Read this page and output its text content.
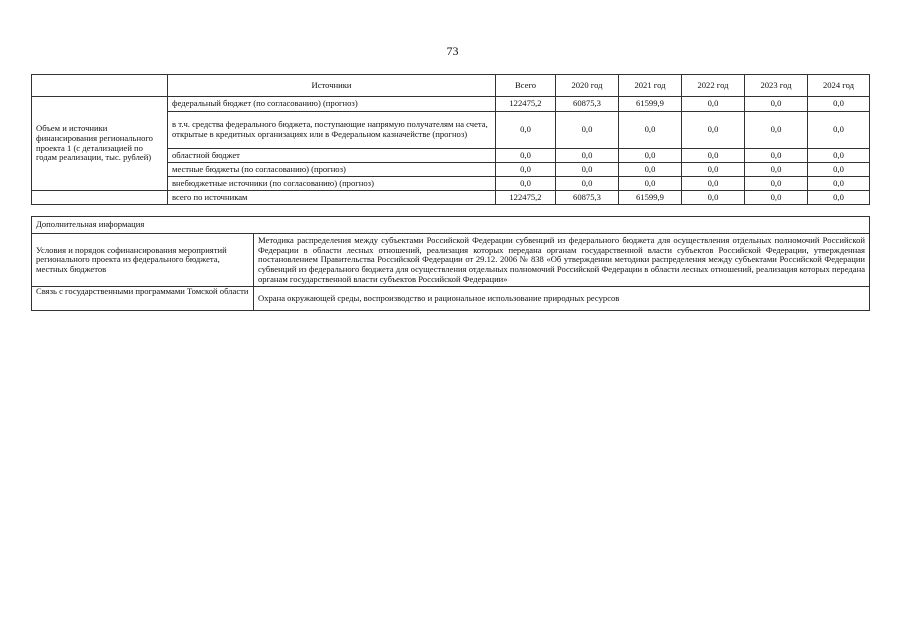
73
	Источники	Всего	2020 год	2021 год	2022 год	2023 год	2024 год
Объем и источники финансирования регионального проекта 1 (с детализацией по годам реализации, тыс. рублей)	федеральный бюджет (по согласованию) (прогноз)	122475,2	60875,3	61599,9	0,0	0,0	0,0
	в т.ч. средства федерального бюджета, поступающие напрямую получателям на счета, открытые в кредитных организациях или в Федеральном казначействе (прогноз)	0,0	0,0	0,0	0,0	0,0	0,0
	областной бюджет	0,0	0,0	0,0	0,0	0,0	0,0
	местные бюджеты (по согласованию) (прогноз)	0,0	0,0	0,0	0,0	0,0	0,0
	внебюджетные источники (по согласованию) (прогноз)	0,0	0,0	0,0	0,0	0,0	0,0
	всего по источникам	122475,2	60875,3	61599,9	0,0	0,0	0,0
Дополнительная информация	
Условия и порядок софинансирования мероприятий регионального проекта из федерального бюджета, местных бюджетов	Методика распределения между субъектами Российской Федерации субвенций из федерального бюджета для осуществления отдельных полномочий Российской Федерации в области лесных отношений, реализация которых передана органам государственной власти субъектов Российской Федерации, утвержденная постановлением Правительства Российской Федерации от 29.12. 2006 № 838 «Об утверждении методики распределения между субъектами Российской Федерации субвенций из федерального бюджета для осуществления отдельных полномочий Российской Федерации в области лесных отношений, реализация которых передана органам государственной власти субъектов Российской Федерации»
Связь с государственными программами Томской области	Охрана окружающей среды, воспроизводство и рациональное использование природных ресурсов
